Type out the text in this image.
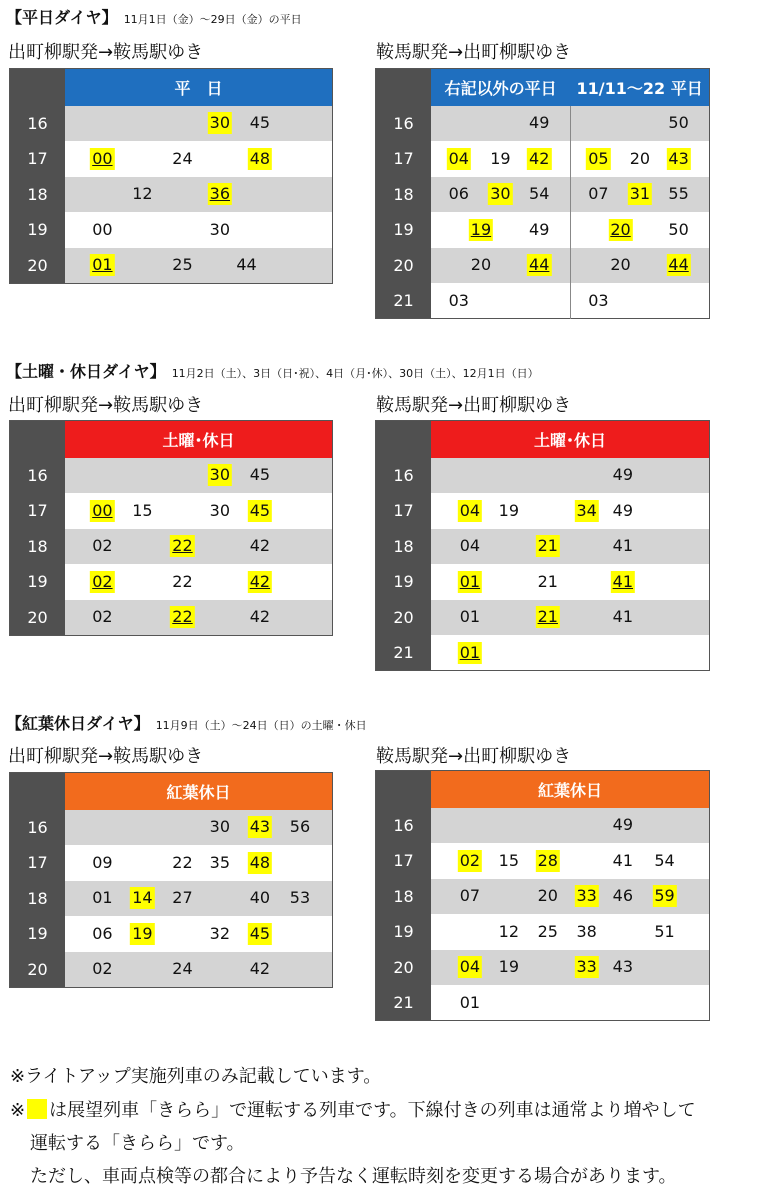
【平日ダイヤ】 11月1日（金）～29日（金）の平日
出町柳駅発→鞍馬駅ゆき	鞍馬駅発→出町柳駅ゆき
	平　日
16	30 45

17	00 24 48

18	12 36

19	00 30

20	01 25 44
	右記以外の平日	11/11～22 平日
16	49	50

17	04 19 42	05 20 43

18	06 30 54	07 31 55

19	19 49	20 50

20	20 44	20 44

21	03	03
【土曜・休日ダイヤ】 11月2日（土）、3日（日･祝）、4日（月･休）、30日（土）、12月1日（日）
出町柳駅発→鞍馬駅ゆき	鞍馬駅発→出町柳駅ゆき
	土曜･休日
16	30 45

17	00 15 30 45

18	02 22 42

19	02 22 42

20	02 22 42
	土曜･休日
16	49

17	04 19 34 49

18	04 21 41

19	01 21 41

20	01 21 41

21	01
【紅葉休日ダイヤ】 11月9日（土）～24日（日）の土曜・休日
出町柳駅発→鞍馬駅ゆき	鞍馬駅発→出町柳駅ゆき
	紅葉休日
16	30 43 56

17	09 22 35 48

18	01 14 27 40 53

19	06 19 32 45

20	02 24 42
	紅葉休日
16	49

17	02 15 28 41 54

18	07 20 33 46 59

19	12 25 38 51

20	04 19 33 43

21	01
※ライトアップ実施列車のみ記載しています。
※ は展望列車「きらら」で運転する列車です。下線付きの列車は通常より増やして
運転する「きらら」です。
ただし、車両点検等の都合により予告なく運転時刻を変更する場合があります。
